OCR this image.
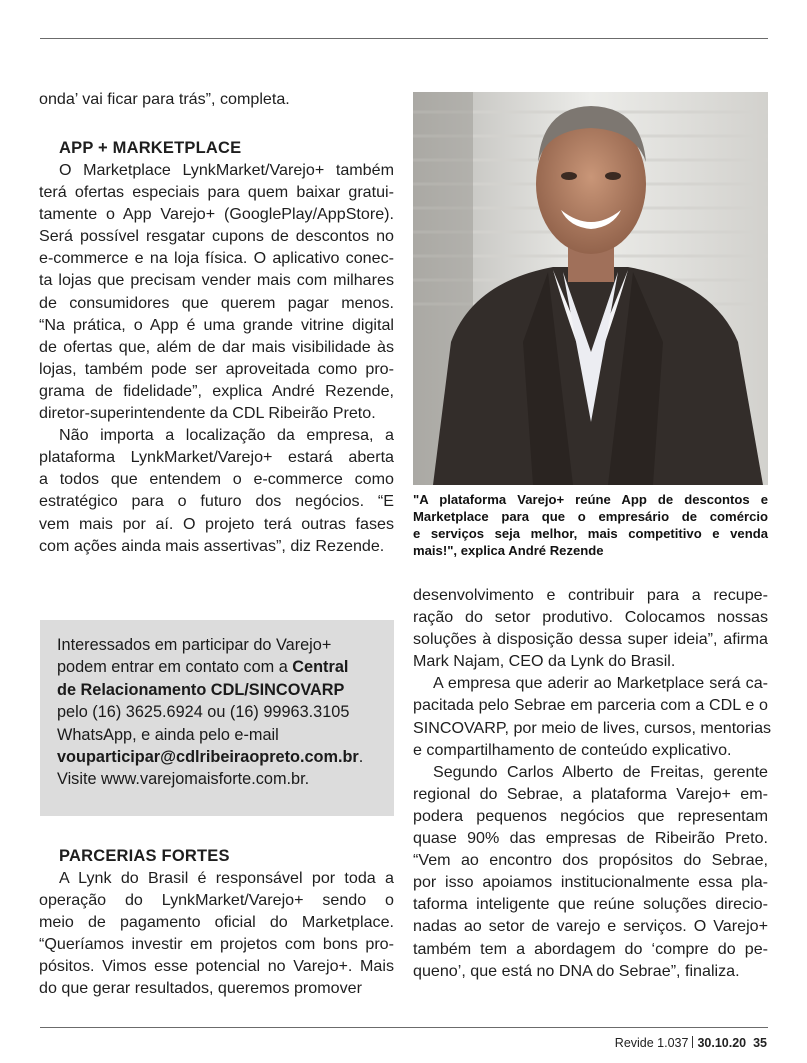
onda’ vai ficar para trás”, completa.
APP + MARKETPLACE
O Marketplace LynkMarket/Varejo+ também
terá ofertas especiais para quem baixar gratui-
tamente o App Varejo+ (GooglePlay/AppStore).
Será possível resgatar cupons de descontos no
e-commerce e na loja física. O aplicativo conec-
ta lojas que precisam vender mais com milhares
de consumidores que querem pagar menos.
“Na prática, o App é uma grande vitrine digital
de ofertas que, além de dar mais visibilidade às
lojas, também pode ser aproveitada como pro-
grama de fidelidade”, explica André Rezende,
diretor-superintendente da CDL Ribeirão Preto.
Não importa a localização da empresa, a
plataforma LynkMarket/Varejo+ estará aberta
a todos que entendem o e-commerce como
estratégico para o futuro dos negócios. “E
vem mais por aí. O projeto terá outras fases
com ações ainda mais assertivas”, diz Rezende.
Interessados em participar do Varejo+
podem entrar em contato com a Central
de Relacionamento CDL/SINCOVARP
pelo (16) 3625.6924 ou (16) 99963.3105
WhatsApp, e ainda pelo e-mail
vouparticipar@cdlribeiraopreto.com.br.
Visite www.varejomaisforte.com.br.
PARCERIAS FORTES
A Lynk do Brasil é responsável por toda a
operação do LynkMarket/Varejo+ sendo o
meio de pagamento oficial do Marketplace.
“Queríamos investir em projetos com bons pro-
pósitos. Vimos esse potencial no Varejo+. Mais
do que gerar resultados, queremos promover
"A plataforma Varejo+ reúne App de descontos e
Marketplace para que o empresário de comércio
e serviços seja melhor, mais competitivo e venda
mais!", explica André Rezende
desenvolvimento e contribuir para a recupe-
ração do setor produtivo. Colocamos nossas
soluções à disposição dessa super ideia”, afirma
Mark Najam, CEO da Lynk do Brasil.
A empresa que aderir ao Marketplace será ca-
pacitada pelo Sebrae em parceria com a CDL e o
SINCOVARP, por meio de lives, cursos, mentorias
e compartilhamento de conteúdo explicativo.
Segundo Carlos Alberto de Freitas, gerente
regional do Sebrae, a plataforma Varejo+ em-
podera pequenos negócios que representam
quase 90% das empresas de Ribeirão Preto.
“Vem ao encontro dos propósitos do Sebrae,
por isso apoiamos institucionalmente essa pla-
taforma inteligente que reúne soluções direcio-
nadas ao setor de varejo e serviços. O Varejo+
também tem a abordagem do ‘compre do pe-
queno’, que está no DNA do Sebrae”, finaliza.
Revide 1.037 30.10.20 35
